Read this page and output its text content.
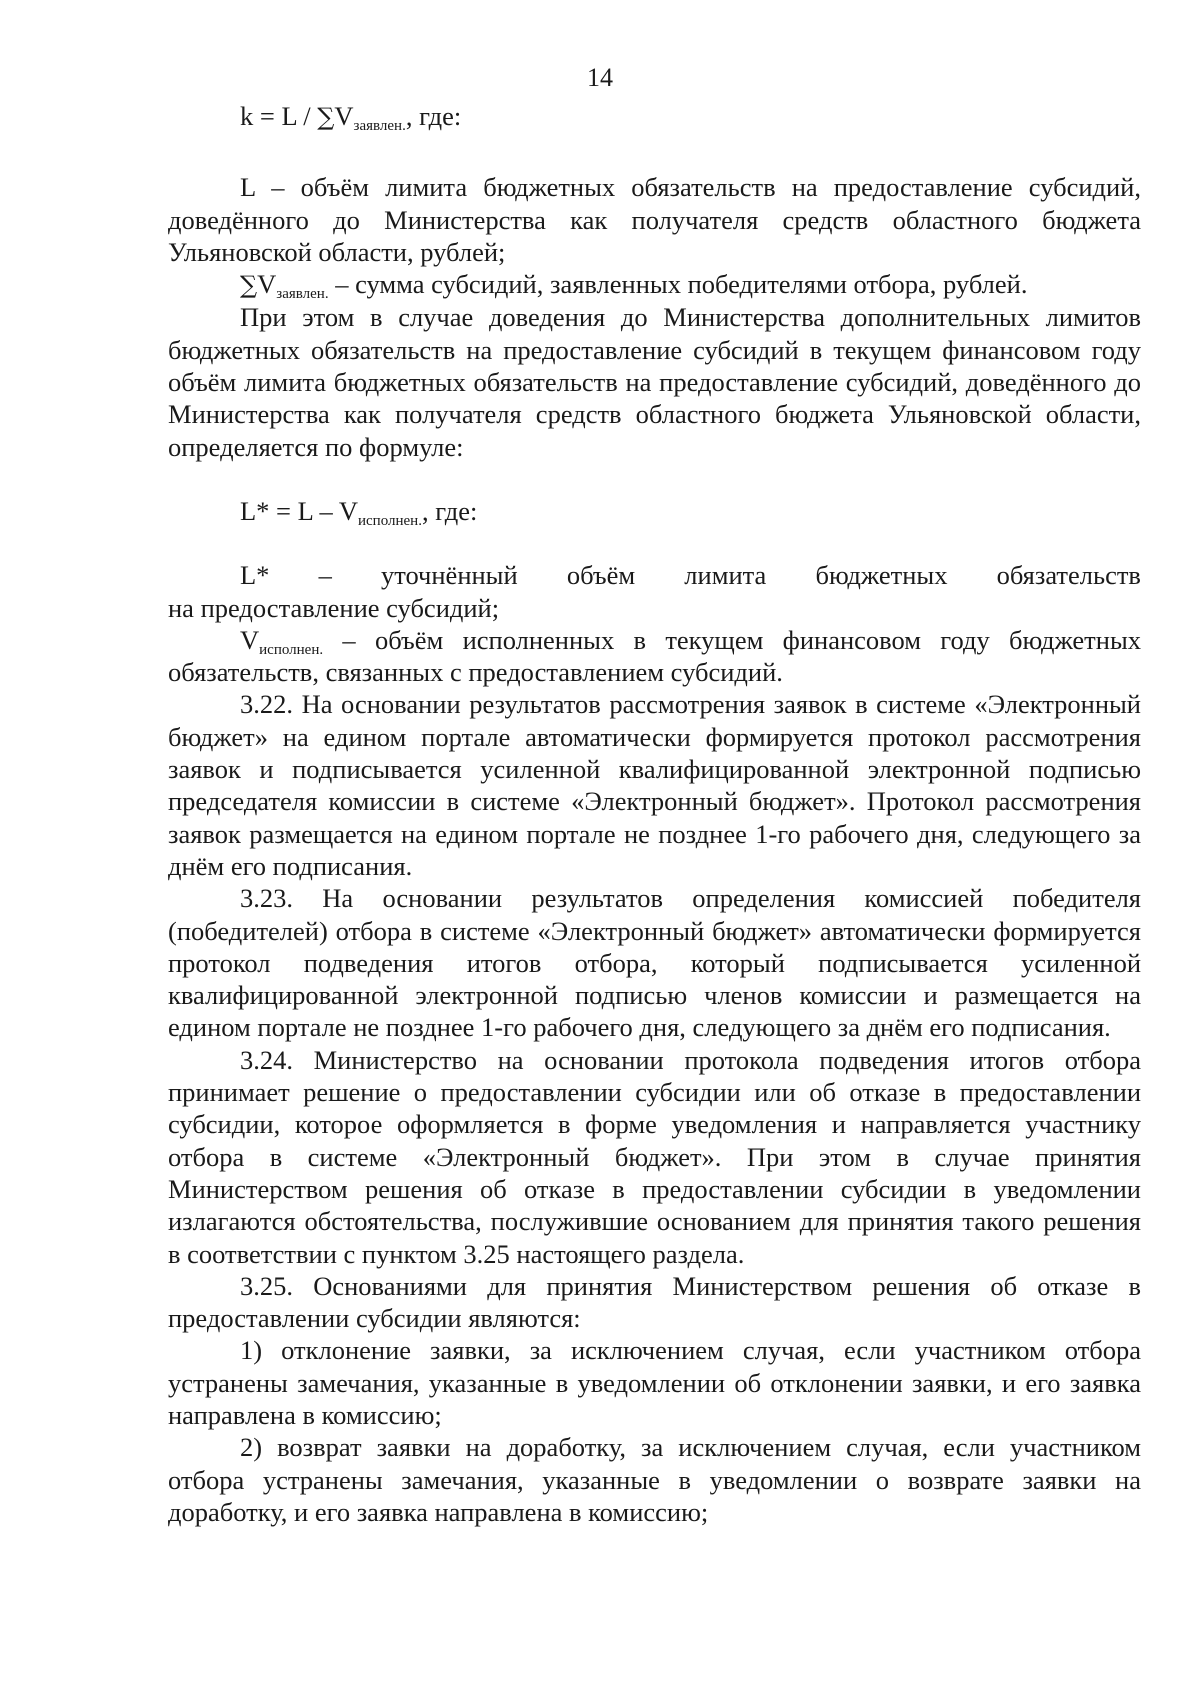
14
$k = L / \sum V_{заявлен.}$, где:

L – объём лимита бюджетных обязательств на предоставление субсидий, доведённого до Министерства как получателя средств областного бюджета Ульяновской области, рублей;

$\sum V_{заявлен.}$ – сумма субсидий, заявленных победителями отбора, рублей.

При этом в случае доведения до Министерства дополнительных лимитов бюджетных обязательств на предоставление субсидий в текущем финансовом году объём лимита бюджетных обязательств на предоставление субсидий, доведённого до Министерства как получателя средств областного бюджета Ульяновской области, определяется по формуле:

$L* = L - V_{исполнен.}$, где:
L* – уточнённый объём лимита бюджетных обязательств
на предоставление субсидий;

$V_{исполнен.}$ – объём исполненных в текущем финансовом году бюджетных обязательств, связанных с предоставлением субсидий.

3.22. На основании результатов рассмотрения заявок в системе «Электронный бюджет» на едином портале автоматически формируется протокол рассмотрения заявок и подписывается усиленной квалифицированной электронной подписью председателя комиссии в системе «Электронный бюджет». Протокол рассмотрения заявок размещается на едином портале не позднее 1-го рабочего дня, следующего за днём его подписания.

3.23. На основании результатов определения комиссией победителя (победителей) отбора в системе «Электронный бюджет» автоматически формируется протокол подведения итогов отбора, который подписывается усиленной квалифицированной электронной подписью членов комиссии и размещается на едином портале не позднее 1-го рабочего дня, следующего за днём его подписания.

3.24. Министерство на основании протокола подведения итогов отбора принимает решение о предоставлении субсидии или об отказе в предоставлении субсидии, которое оформляется в форме уведомления и направляется участнику отбора в системе «Электронный бюджет». При этом в случае принятия Министерством решения об отказе в предоставлении субсидии в уведомлении излагаются обстоятельства, послужившие основанием для принятия такого решения в соответствии с пунктом 3.25 настоящего раздела.

3.25. Основаниями для принятия Министерством решения об отказе в предоставлении субсидии являются:

1) отклонение заявки, за исключением случая, если участником отбора устранены замечания, указанные в уведомлении об отклонении заявки, и его заявка направлена в комиссию;

2) возврат заявки на доработку, за исключением случая, если участником отбора устранены замечания, указанные в уведомлении о возврате заявки на доработку, и его заявка направлена в комиссию;
